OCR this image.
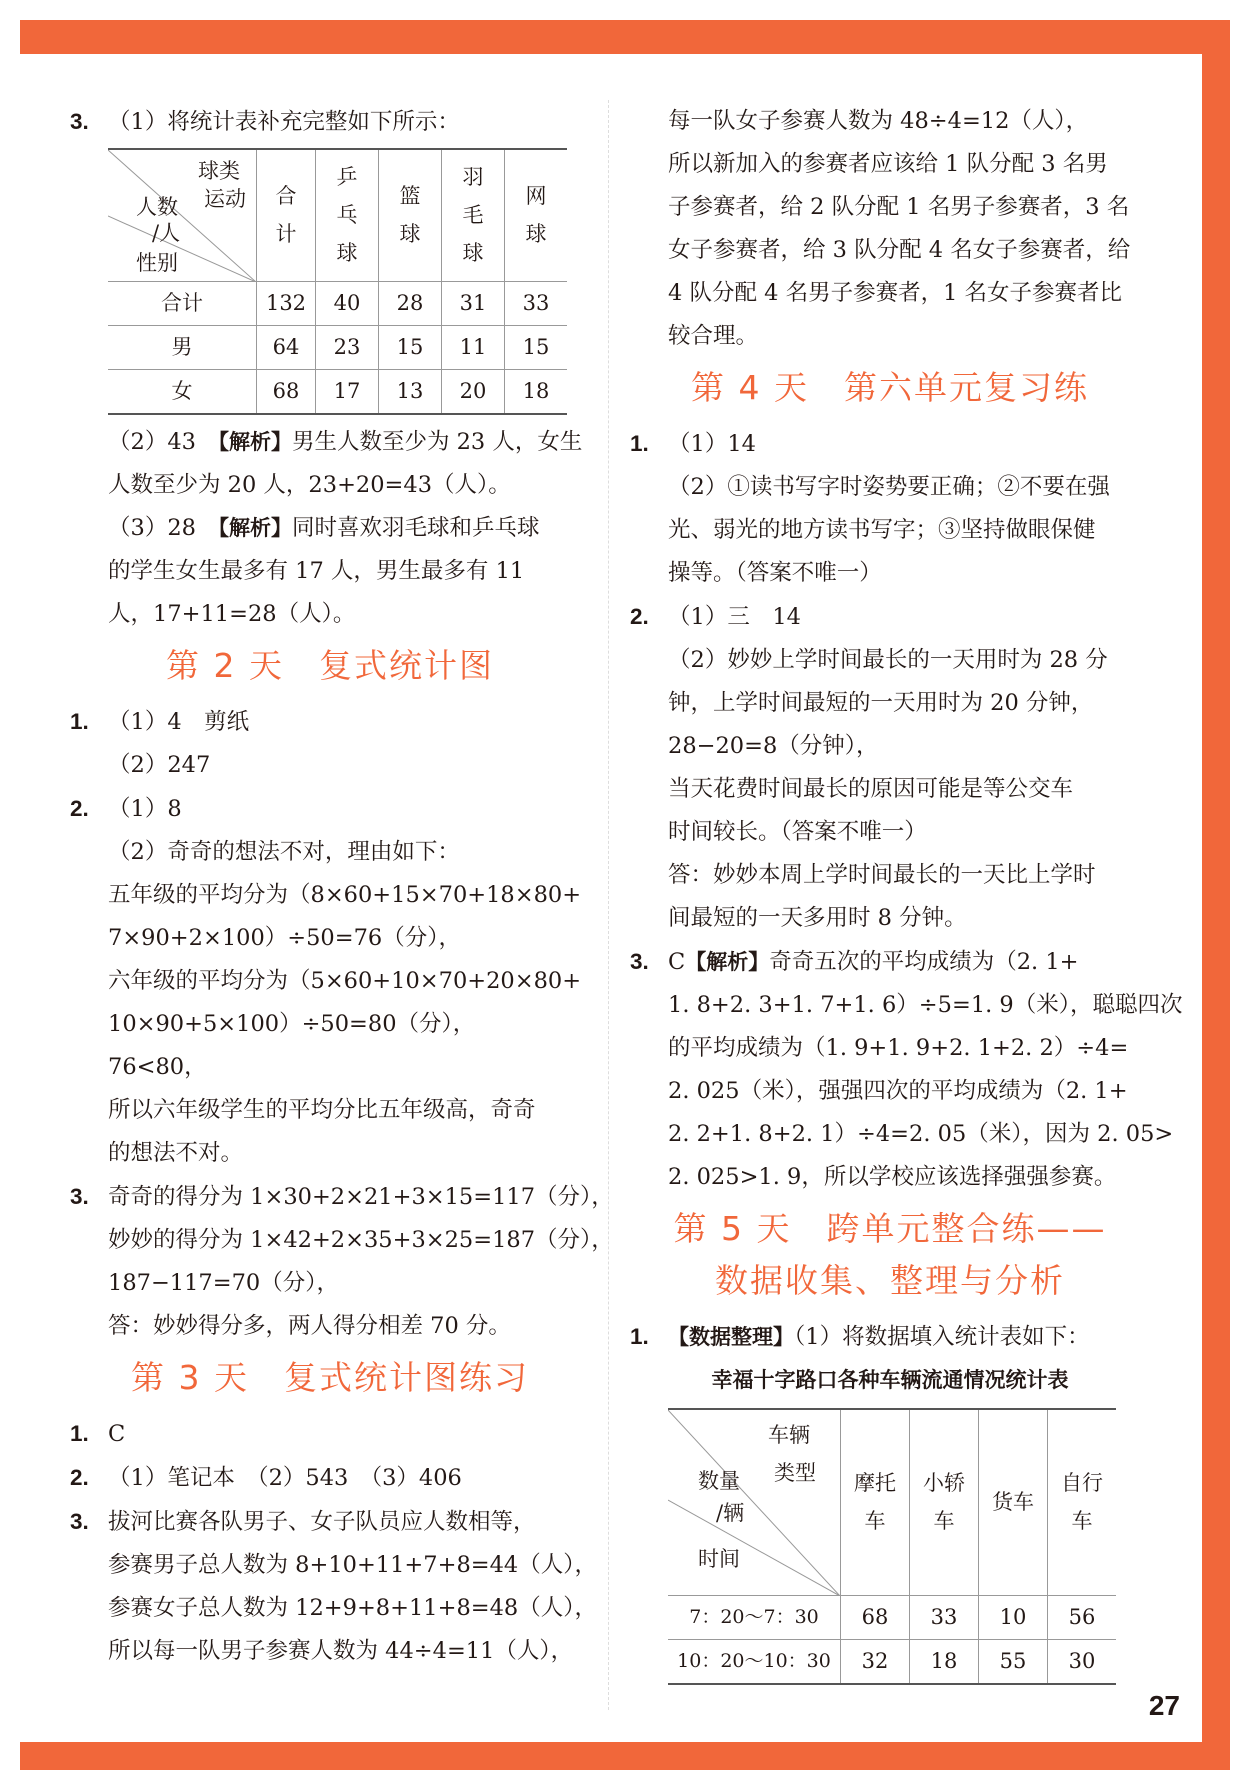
3. （1）将统计表补充完整如下所示：
球类
运动
人数
/人
性别	合计	乒乓球	篮球	羽毛球	网球

合计	132	40	28	31	33
男	64	23	15	11	15
女	68	17	13	20	18
（2）43　【解析】男生人数至少为 23 人，女生
人数至少为 20 人，23+20=43（人）。
（3）28　【解析】同时喜欢羽毛球和乒乓球
的学生女生最多有 17 人，男生最多有 11
人，17+11=28（人）。
第 2 天　复式统计图
1. （1）4　剪纸
（2）247
2. （1）8
（2）奇奇的想法不对，理由如下：
五年级的平均分为（8×60+15×70+18×80+
7×90+2×100）÷50=76（分），
六年级的平均分为（5×60+10×70+20×80+
10×90+5×100）÷50=80（分），
76<80，
所以六年级学生的平均分比五年级高，奇奇
的想法不对。
3. 奇奇的得分为 1×30+2×21+3×15=117（分），
妙妙的得分为 1×42+2×35+3×25=187（分），
187−117=70（分），
答：妙妙得分多，两人得分相差 70 分。
第 3 天　复式统计图练习
1. C
2. （1）笔记本　（2）543　（3）406
3. 拔河比赛各队男子、女子队员应人数相等，
参赛男子总人数为 8+10+11+7+8=44（人），
参赛女子总人数为 12+9+8+11+8=48（人），
所以每一队男子参赛人数为 44÷4=11（人），
每一队女子参赛人数为 48÷4=12（人），
所以新加入的参赛者应该给 1 队分配 3 名男
子参赛者，给 2 队分配 1 名男子参赛者，3 名
女子参赛者，给 3 队分配 4 名女子参赛者，给
4 队分配 4 名男子参赛者，1 名女子参赛者比
较合理。
第 4 天　第六单元复习练
1. （1）14
（2）①读书写字时姿势要正确；②不要在强
光、弱光的地方读书写字；③坚持做眼保健
操等。（答案不唯一）
2. （1）三　14
（2）妙妙上学时间最长的一天用时为 28 分
钟，上学时间最短的一天用时为 20 分钟，
28−20=8（分钟），
当天花费时间最长的原因可能是等公交车
时间较长。（答案不唯一）
答：妙妙本周上学时间最长的一天比上学时
间最短的一天多用时 8 分钟。
3. C【解析】奇奇五次的平均成绩为（2. 1+
1. 8+2. 3+1. 7+1. 6）÷5=1. 9（米），聪聪四次
的平均成绩为（1. 9+1. 9+2. 1+2. 2）÷4=
2. 025（米），强强四次的平均成绩为（2. 1+
2. 2+1. 8+2. 1）÷4=2. 05（米），因为 2. 05>
2. 025>1. 9，所以学校应该选择强强参赛。
第 5 天　跨单元整合练——
数据收集、整理与分析
1. 【数据整理】（1）将数据填入统计表如下：
幸福十字路口各种车辆流通情况统计表
车辆
类型
数量
/辆
时间	摩托车	小轿车	货车	自行车

7：20～7：30	68	33	10	56
10：20～10：30	32	18	55	30
27
